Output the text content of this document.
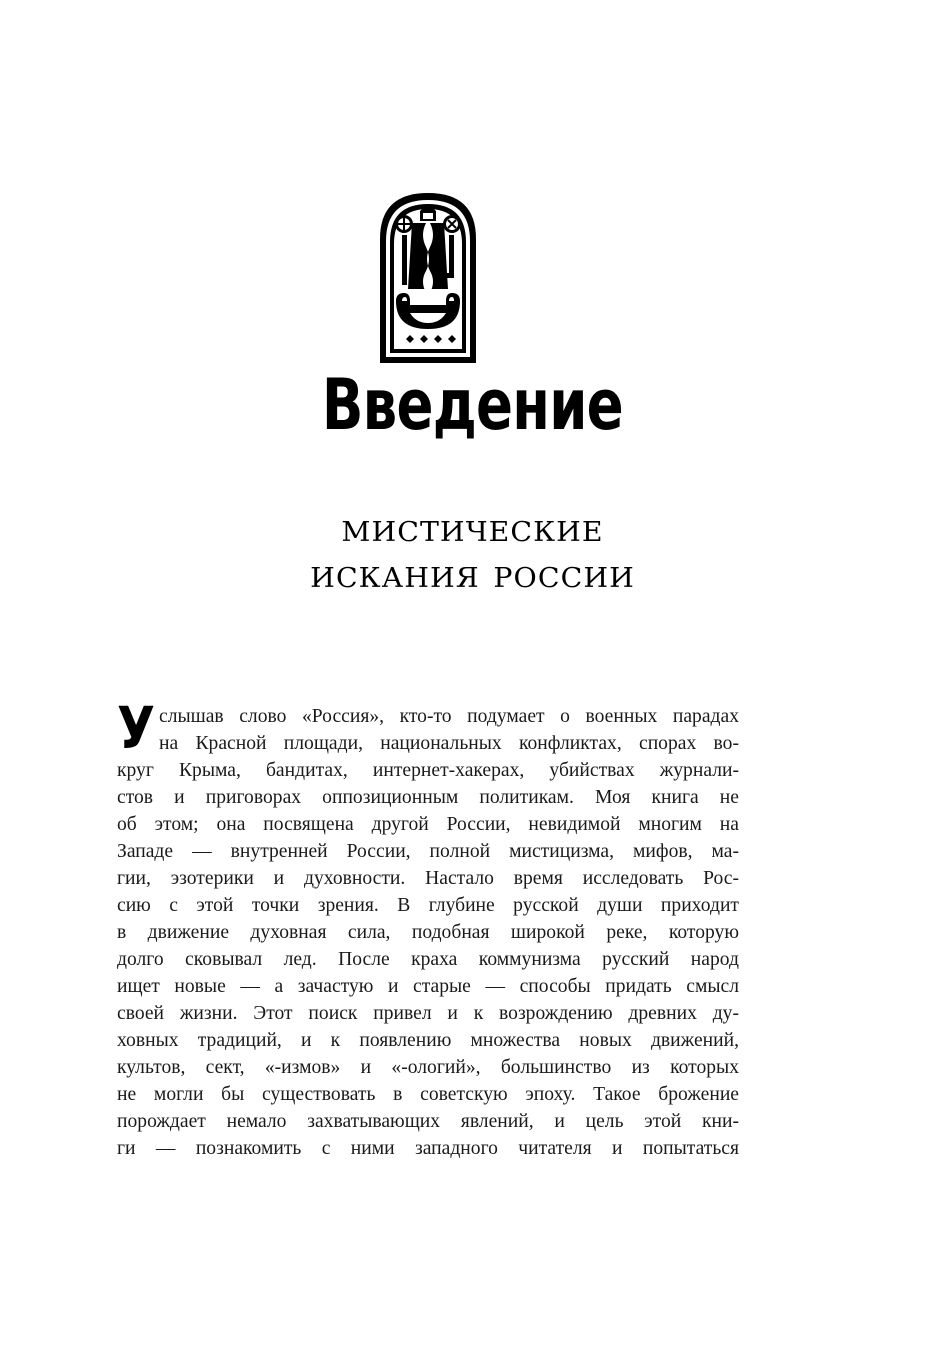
Введение
мистические
искания россии
У слышав слово «Россия», кто-то подумает о военных парадах
на Красной площади, национальных конфликтах, спорах во-
круг Крыма, бандитах, интернет-хакерах, убийствах журнали-
стов и приговорах оппозиционным политикам. Моя книга не
об этом; она посвящена другой России, невидимой многим на
Западе — внутренней России, полной мистицизма, мифов, ма-
гии, эзотерики и духовности. Настало время исследовать Рос-
сию с этой точки зрения. В глубине русской души приходит
в движение духовная сила, подобная широкой реке, которую
долго сковывал лед. После краха коммунизма русский народ
ищет новые — а зачастую и старые — способы придать смысл
своей жизни. Этот поиск привел и к возрождению древних ду-
ховных традиций, и к появлению множества новых движений,
культов, сект, «-измов» и «-ологий», большинство из которых
не могли бы существовать в советскую эпоху. Такое брожение
порождает немало захватывающих явлений, и цель этой кни-
ги — познакомить с ними западного читателя и попытаться
